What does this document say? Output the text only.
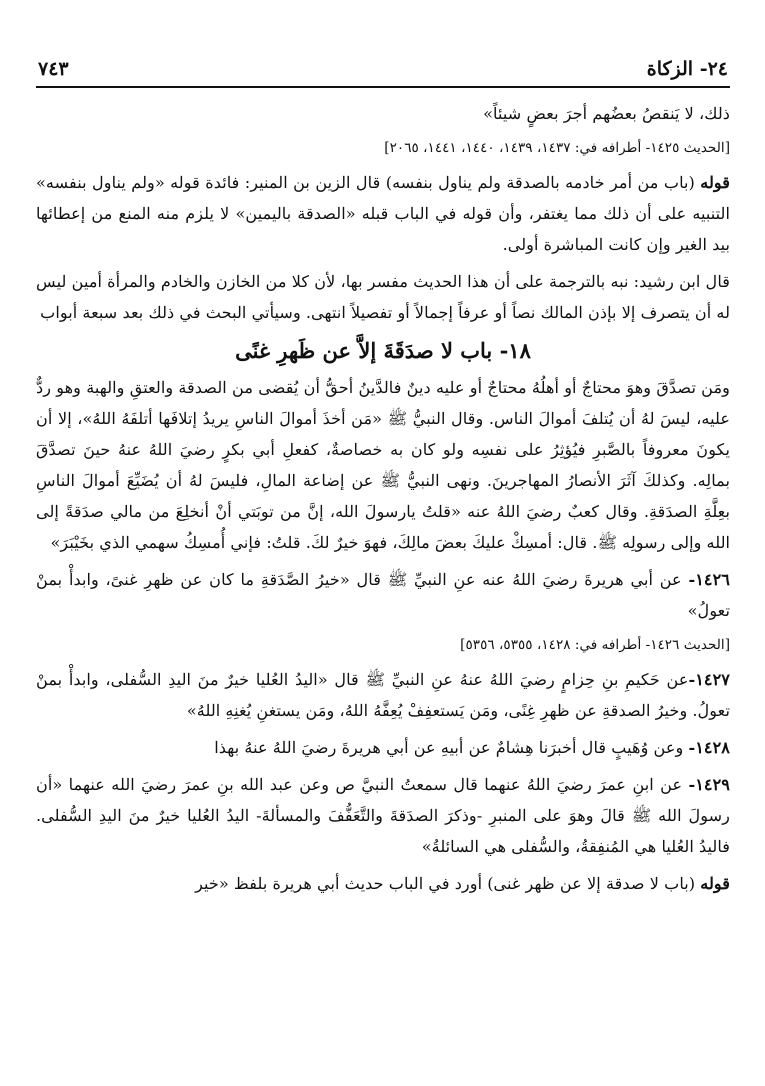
٢٤- الزكاة
٧٤٣

ذلك، لا يَنقصُ بعضُهم أجرَ بعضٍ شيئاً»

[الحديث ١٤٢٥- أطرافه في: ١٤٣٧، ١٤٣٩، ١٤٤٠، ١٤٤١، ٢٠٦٥]

قوله (باب من أمر خادمه بالصدقة ولم يناول بنفسه) قال الزين بن المنير: فائدة قوله «ولم يناول بنفسه» التنبيه على أن ذلك مما يغتفر، وأن قوله في الباب قبله «الصدقة باليمين» لا يلزم منه المنع من إعطائها بيد الغير وإن كانت المباشرة أولى.

قال ابن رشيد: نبه بالترجمة على أن هذا الحديث مفسر بها، لأن كلا من الخازن والخادم والمرأة أمين ليس له أن يتصرف إلا بإذن المالك نصاً أو عرفاً إجمالاً أو تفصيلاً انتهى. وسيأتي البحث في ذلك بعد سبعة أبواب

١٨- باب لا صدَقَةَ إلاَّ عن ظَهرِ غنًى

ومَن تصدَّقَ وهوَ محتاجٌ أو أهلُهُ محتاجٌ أو عليه دينٌ فالدَّينُ أحقُّ أن يُقضى من الصدقة والعتقِ والهبة وهو ردٌّ عليه، ليسَ لهُ أن يُتلفَ أموالَ الناس. وقال النبيُّ ﷺ «مَن أخذَ أموالَ الناسِ يريدُ إتلافَها أتلفَهُ اللهُ»، إلا أن يكونَ معروفاً بالصَّبرِ فيُؤثِرُ على نفسِه ولو كان به خصاصةٌ، كفعلِ أبي بكرٍ رضيَ اللهُ عنهُ حينَ تصدَّقَ بمالِه. وكذلكَ آثَرَ الأنصارُ المهاجرينَ. ونهى النبيُّ ﷺ عن إضاعة المالِ، فليسَ لهُ أن يُضَيِّعَ أموالَ الناسِ بعِلَّةِ الصدَقةِ. وقال كعبٌ رضيَ اللهُ عنه «قلتُ يارسولَ الله، إنَّ من توبَتي أنْ أنخلِعَ من مالي صدَقةً إلى الله وإلى رسولِه ﷺ. قال: أمسِكْ عليكَ بعضَ مالِكَ، فهوَ خيرٌ لكَ. قلتُ: فإني أُمسِكُ سهمي الذي بخَيْبَرَ»

١٤٢٦- عن أبي هريرةَ رضيَ اللهُ عنه عنِ النبيِّ ﷺ قال «خيرُ الصَّدَقةِ ما كان عن ظهرِ غنىً، وابدأْ بمنْ تعولُ»

[الحديث ١٤٢٦- أطرافه في: ١٤٢٨، ٥٣٥٥، ٥٣٥٦]

١٤٢٧-عن حَكيمِ بنِ حِزامٍ رضيَ اللهُ عنهُ عنِ النبيِّ ﷺ قال «اليدُ العُليا خيرٌ منَ اليدِ السُّفلى، وابدأْ بمنْ تعولُ. وخيرُ الصدقةِ عن ظهرِ غِنًى، ومَن يَستعفِفْ يُعِفَّهُ اللهُ، ومَن يستغنِ يُغنِهِ اللهُ»

١٤٢٨- وعن وُهَيبٍ قال أخبرَنا هِشامٌ عن أبيهِ عن أبي هريرةَ رضيَ اللهُ عنهُ بهذا

١٤٢٩- عن ابنِ عمرَ رضيَ اللهُ عنهما قال سمعتُ النبيَّ ص وعن عبد الله بنِ عمرَ رضيَ الله عنهما «أن رسولَ الله ﷺ قالَ وهوَ على المنبرِ -وذكرَ الصدَقةَ والتَّعَفُّفَ والمسألةَ- اليدُ العُليا خيرٌ منَ اليدِ السُّفلى. فاليدُ العُليا هي المُنفِقةُ، والسُّفلى هي السائلةُ»

قوله (باب لا صدقة إلا عن ظهر غنى) أورد في الباب حديث أبي هريرة بلفظ «خير
